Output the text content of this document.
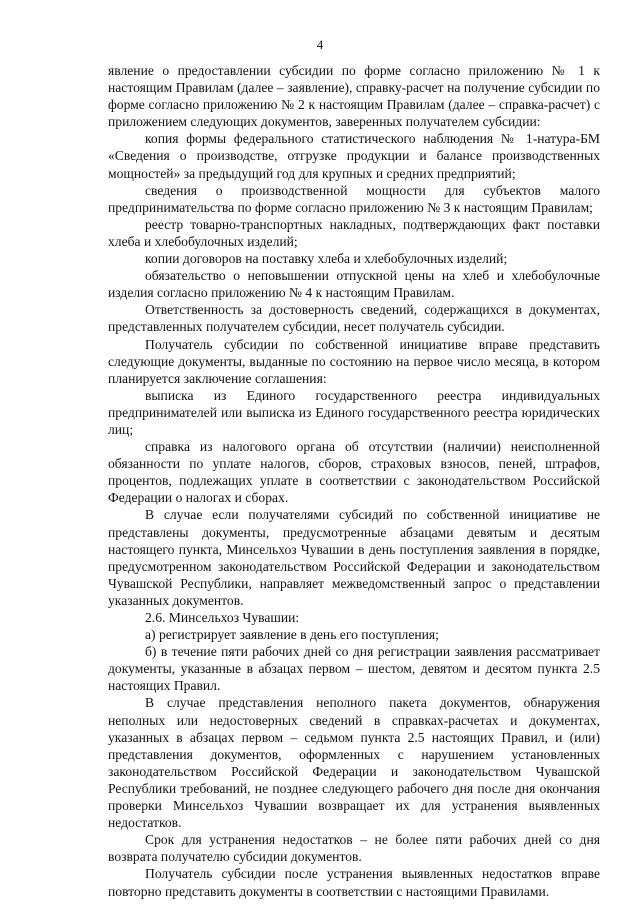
4

явление о предоставлении субсидии по форме согласно приложению № 1 к настоящим Правилам (далее – заявление), справку-расчет на получение субсидии по форме согласно приложению № 2 к настоящим Правилам (далее – справка-расчет) с приложением следующих документов, заверенных получателем субсидии:

копия формы федерального статистического наблюдения № 1-натура-БМ «Сведения о производстве, отгрузке продукции и балансе производственных мощностей» за предыдущий год для крупных и средних предприятий;

сведения о производственной мощности для субъектов малого предпринимательства по форме согласно приложению № 3 к настоящим Правилам;

реестр товарно-транспортных накладных, подтверждающих факт поставки хлеба и хлебобулочных изделий;

копии договоров на поставку хлеба и хлебобулочных изделий;

обязательство о неповышении отпускной цены на хлеб и хлебобулочные изделия согласно приложению № 4 к настоящим Правилам.

Ответственность за достоверность сведений, содержащихся в документах, представленных получателем субсидии, несет получатель субсидии.

Получатель субсидии по собственной инициативе вправе представить следующие документы, выданные по состоянию на первое число месяца, в котором планируется заключение соглашения:

выписка из Единого государственного реестра индивидуальных предпринимателей или выписка из Единого государственного реестра юридических лиц;

справка из налогового органа об отсутствии (наличии) неисполненной обязанности по уплате налогов, сборов, страховых взносов, пеней, штрафов, процентов, подлежащих уплате в соответствии с законодательством Российской Федерации о налогах и сборах.

В случае если получателями субсидий по собственной инициативе не представлены документы, предусмотренные абзацами девятым и десятым настоящего пункта, Минсельхоз Чувашии в день поступления заявления в порядке, предусмотренном законодательством Российской Федерации и законодательством Чувашской Республики, направляет межведомственный запрос о представлении указанных документов.

2.6. Минсельхоз Чувашии:

а) регистрирует заявление в день его поступления;

б) в течение пяти рабочих дней со дня регистрации заявления рассматривает документы, указанные в абзацах первом – шестом, девятом и десятом пункта 2.5 настоящих Правил.

В случае представления неполного пакета документов, обнаружения неполных или недостоверных сведений в справках-расчетах и документах, указанных в абзацах первом – седьмом пункта 2.5 настоящих Правил, и (или) представления документов, оформленных с нарушением установленных законодательством Российской Федерации и законодательством Чувашской Республики требований, не позднее следующего рабочего дня после дня окончания проверки Минсельхоз Чувашии возвращает их для устранения выявленных недостатков.

Срок для устранения недостатков – не более пяти рабочих дней со дня возврата получателю субсидии документов.

Получатель субсидии после устранения выявленных недостатков вправе повторно представить документы в соответствии с настоящими Правилами.
